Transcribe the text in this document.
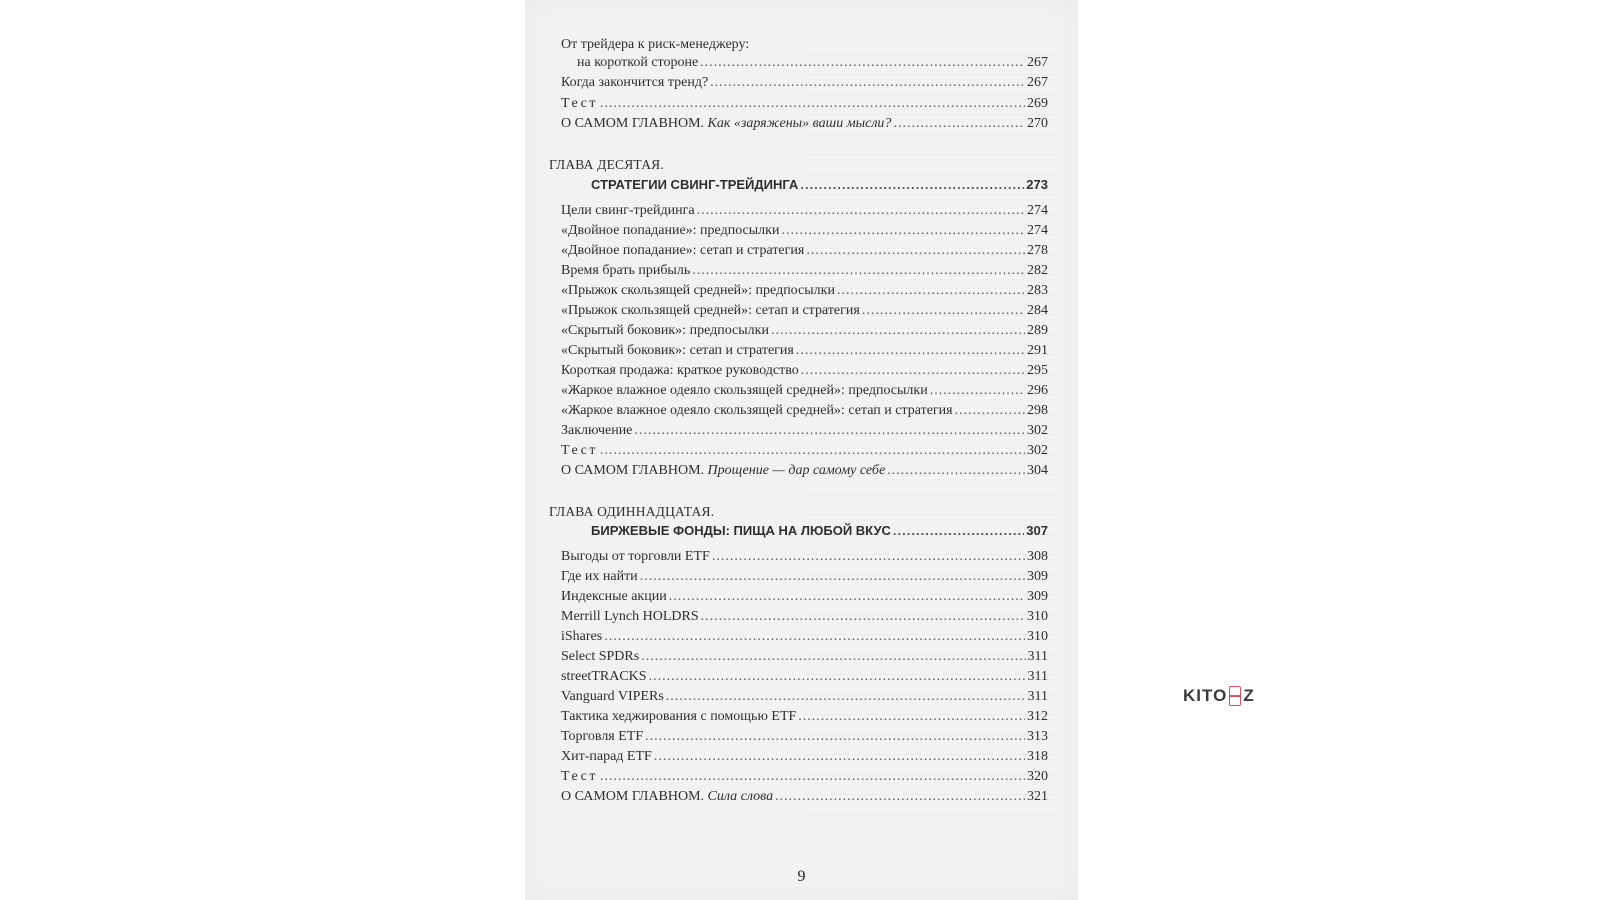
От трейдера к риск-менеджеру:
на короткой стороне .....	267
Когда закончится тренд? .....	267
Тест .....	269
О САМОМ ГЛАВНОМ. Как «заряжены» ваши мысли? .....	270
ГЛАВА ДЕСЯТАЯ.
СТРАТЕГИИ СВИНГ-ТРЕЙДИНГА .....	273
Цели свинг-трейдинга .....	274
«Двойное попадание»: предпосылки .....	274
«Двойное попадание»: сетап и стратегия .....	278
Время брать прибыль .....	282
«Прыжок скользящей средней»: предпосылки .....	283
«Прыжок скользящей средней»: сетап и стратегия .....	284
«Скрытый боковик»: предпосылки .....	289
«Скрытый боковик»: сетап и стратегия .....	291
Короткая продажа: краткое руководство .....	295
«Жаркое влажное одеяло скользящей средней»: предпосылки .....	296
«Жаркое влажное одеяло скользящей средней»: сетап и стратегия .....	298
Заключение .....	302
Тест .....	302
О САМОМ ГЛАВНОМ. Прощение — дар самому себе .....	304
ГЛАВА ОДИННАДЦАТАЯ.
БИРЖЕВЫЕ ФОНДЫ: ПИЩА НА ЛЮБОЙ ВКУС .....	307
Выгоды от торговли ETF .....	308
Где их найти .....	309
Индексные акции .....	309
Merrill Lynch HOLDRS .....	310
iShares .....	310
Select SPDRs .....	311
streetTRACKS .....	311
Vanguard VIPERs .....	311
Тактика хеджирования с помощью ETF .....	312
Торговля ETF .....	313
Хит-парад ETF .....	318
Тест .....	320
О САМОМ ГЛАВНОМ. Сила слова .....	321
9
KITO Z
